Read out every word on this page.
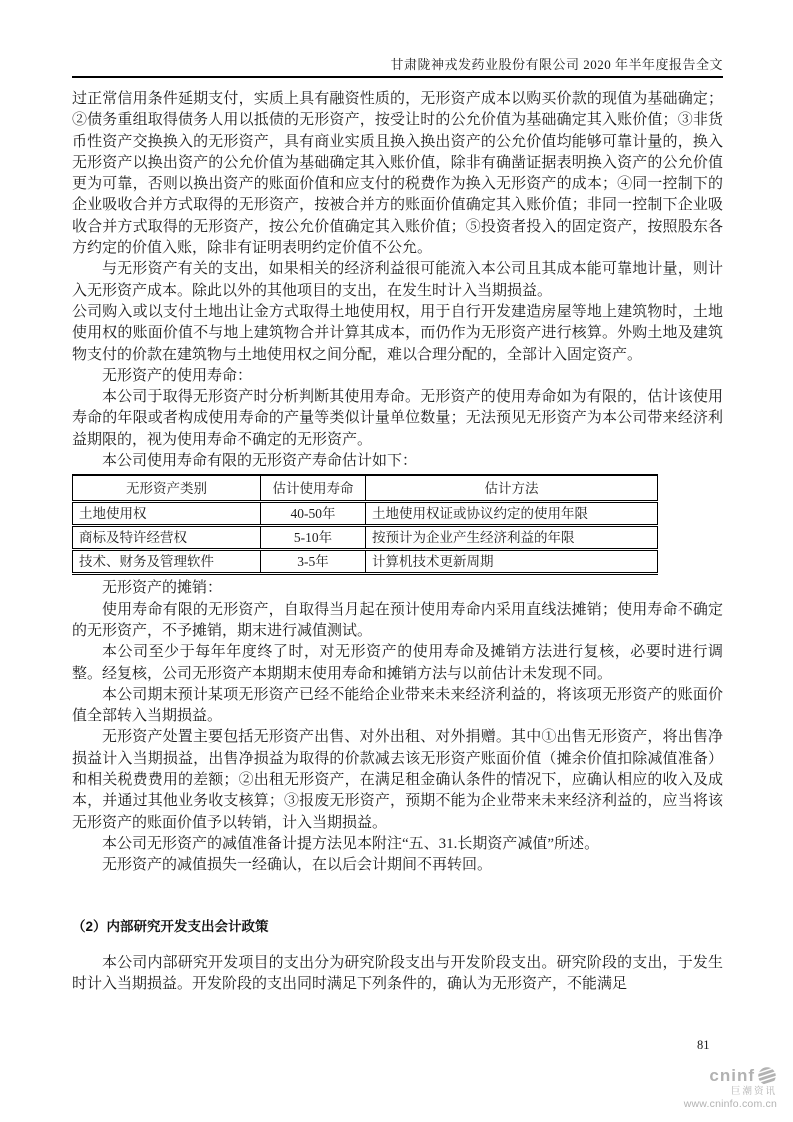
甘肃陇神戎发药业股份有限公司 2020 年半年度报告全文

过正常信用条件延期支付，实质上具有融资性质的，无形资产成本以购买价款的现值为基础确定；②债务重组取得债务人用以抵债的无形资产，按受让时的公允价值为基础确定其入账价值；③非货币性资产交换换入的无形资产，具有商业实质且换入换出资产的公允价值均能够可靠计量的，换入无形资产以换出资产的公允价值为基础确定其入账价值，除非有确凿证据表明换入资产的公允价值更为可靠，否则以换出资产的账面价值和应支付的税费作为换入无形资产的成本；④同一控制下的企业吸收合并方式取得的无形资产，按被合并方的账面价值确定其入账价值；非同一控制下企业吸收合并方式取得的无形资产，按公允价值确定其入账价值；⑤投资者投入的固定资产，按照股东各方约定的价值入账，除非有证明表明约定价值不公允。

与无形资产有关的支出，如果相关的经济利益很可能流入本公司且其成本能可靠地计量，则计入无形资产成本。除此以外的其他项目的支出，在发生时计入当期损益。

公司购入或以支付土地出让金方式取得土地使用权，用于自行开发建造房屋等地上建筑物时，土地使用权的账面价值不与地上建筑物合并计算其成本，而仍作为无形资产进行核算。外购土地及建筑物支付的价款在建筑物与土地使用权之间分配，难以合理分配的，全部计入固定资产。

无形资产的使用寿命：

本公司于取得无形资产时分析判断其使用寿命。无形资产的使用寿命如为有限的，估计该使用寿命的年限或者构成使用寿命的产量等类似计量单位数量；无法预见无形资产为本公司带来经济利益期限的，视为使用寿命不确定的无形资产。

本公司使用寿命有限的无形资产寿命估计如下：

无形资产类别	估计使用寿命	估计方法
土地使用权	40-50年	土地使用权证或协议约定的使用年限
商标及特许经营权	5-10年	按预计为企业产生经济利益的年限
技术、财务及管理软件	3-5年	计算机技术更新周期

无形资产的摊销：

使用寿命有限的无形资产，自取得当月起在预计使用寿命内采用直线法摊销；使用寿命不确定的无形资产，不予摊销，期末进行减值测试。

本公司至少于每年年度终了时，对无形资产的使用寿命及摊销方法进行复核，必要时进行调整。经复核，公司无形资产本期期末使用寿命和摊销方法与以前估计未发现不同。

本公司期末预计某项无形资产已经不能给企业带来未来经济利益的，将该项无形资产的账面价值全部转入当期损益。

无形资产处置主要包括无形资产出售、对外出租、对外捐赠。其中①出售无形资产，将出售净损益计入当期损益，出售净损益为取得的价款减去该无形资产账面价值（摊余价值扣除减值准备）和相关税费费用的差额；②出租无形资产，在满足租金确认条件的情况下，应确认相应的收入及成本，并通过其他业务收支核算；③报废无形资产，预期不能为企业带来未来经济利益的，应当将该无形资产的账面价值予以转销，计入当期损益。

本公司无形资产的减值准备计提方法见本附注“五、31.长期资产减值”所述。

无形资产的减值损失一经确认，在以后会计期间不再转回。

（2）内部研究开发支出会计政策

本公司内部研究开发项目的支出分为研究阶段支出与开发阶段支出。研究阶段的支出，于发生时计入当期损益。开发阶段的支出同时满足下列条件的，确认为无形资产，不能满足

81
cninf
巨潮资讯
www.cninfo.com.cn
